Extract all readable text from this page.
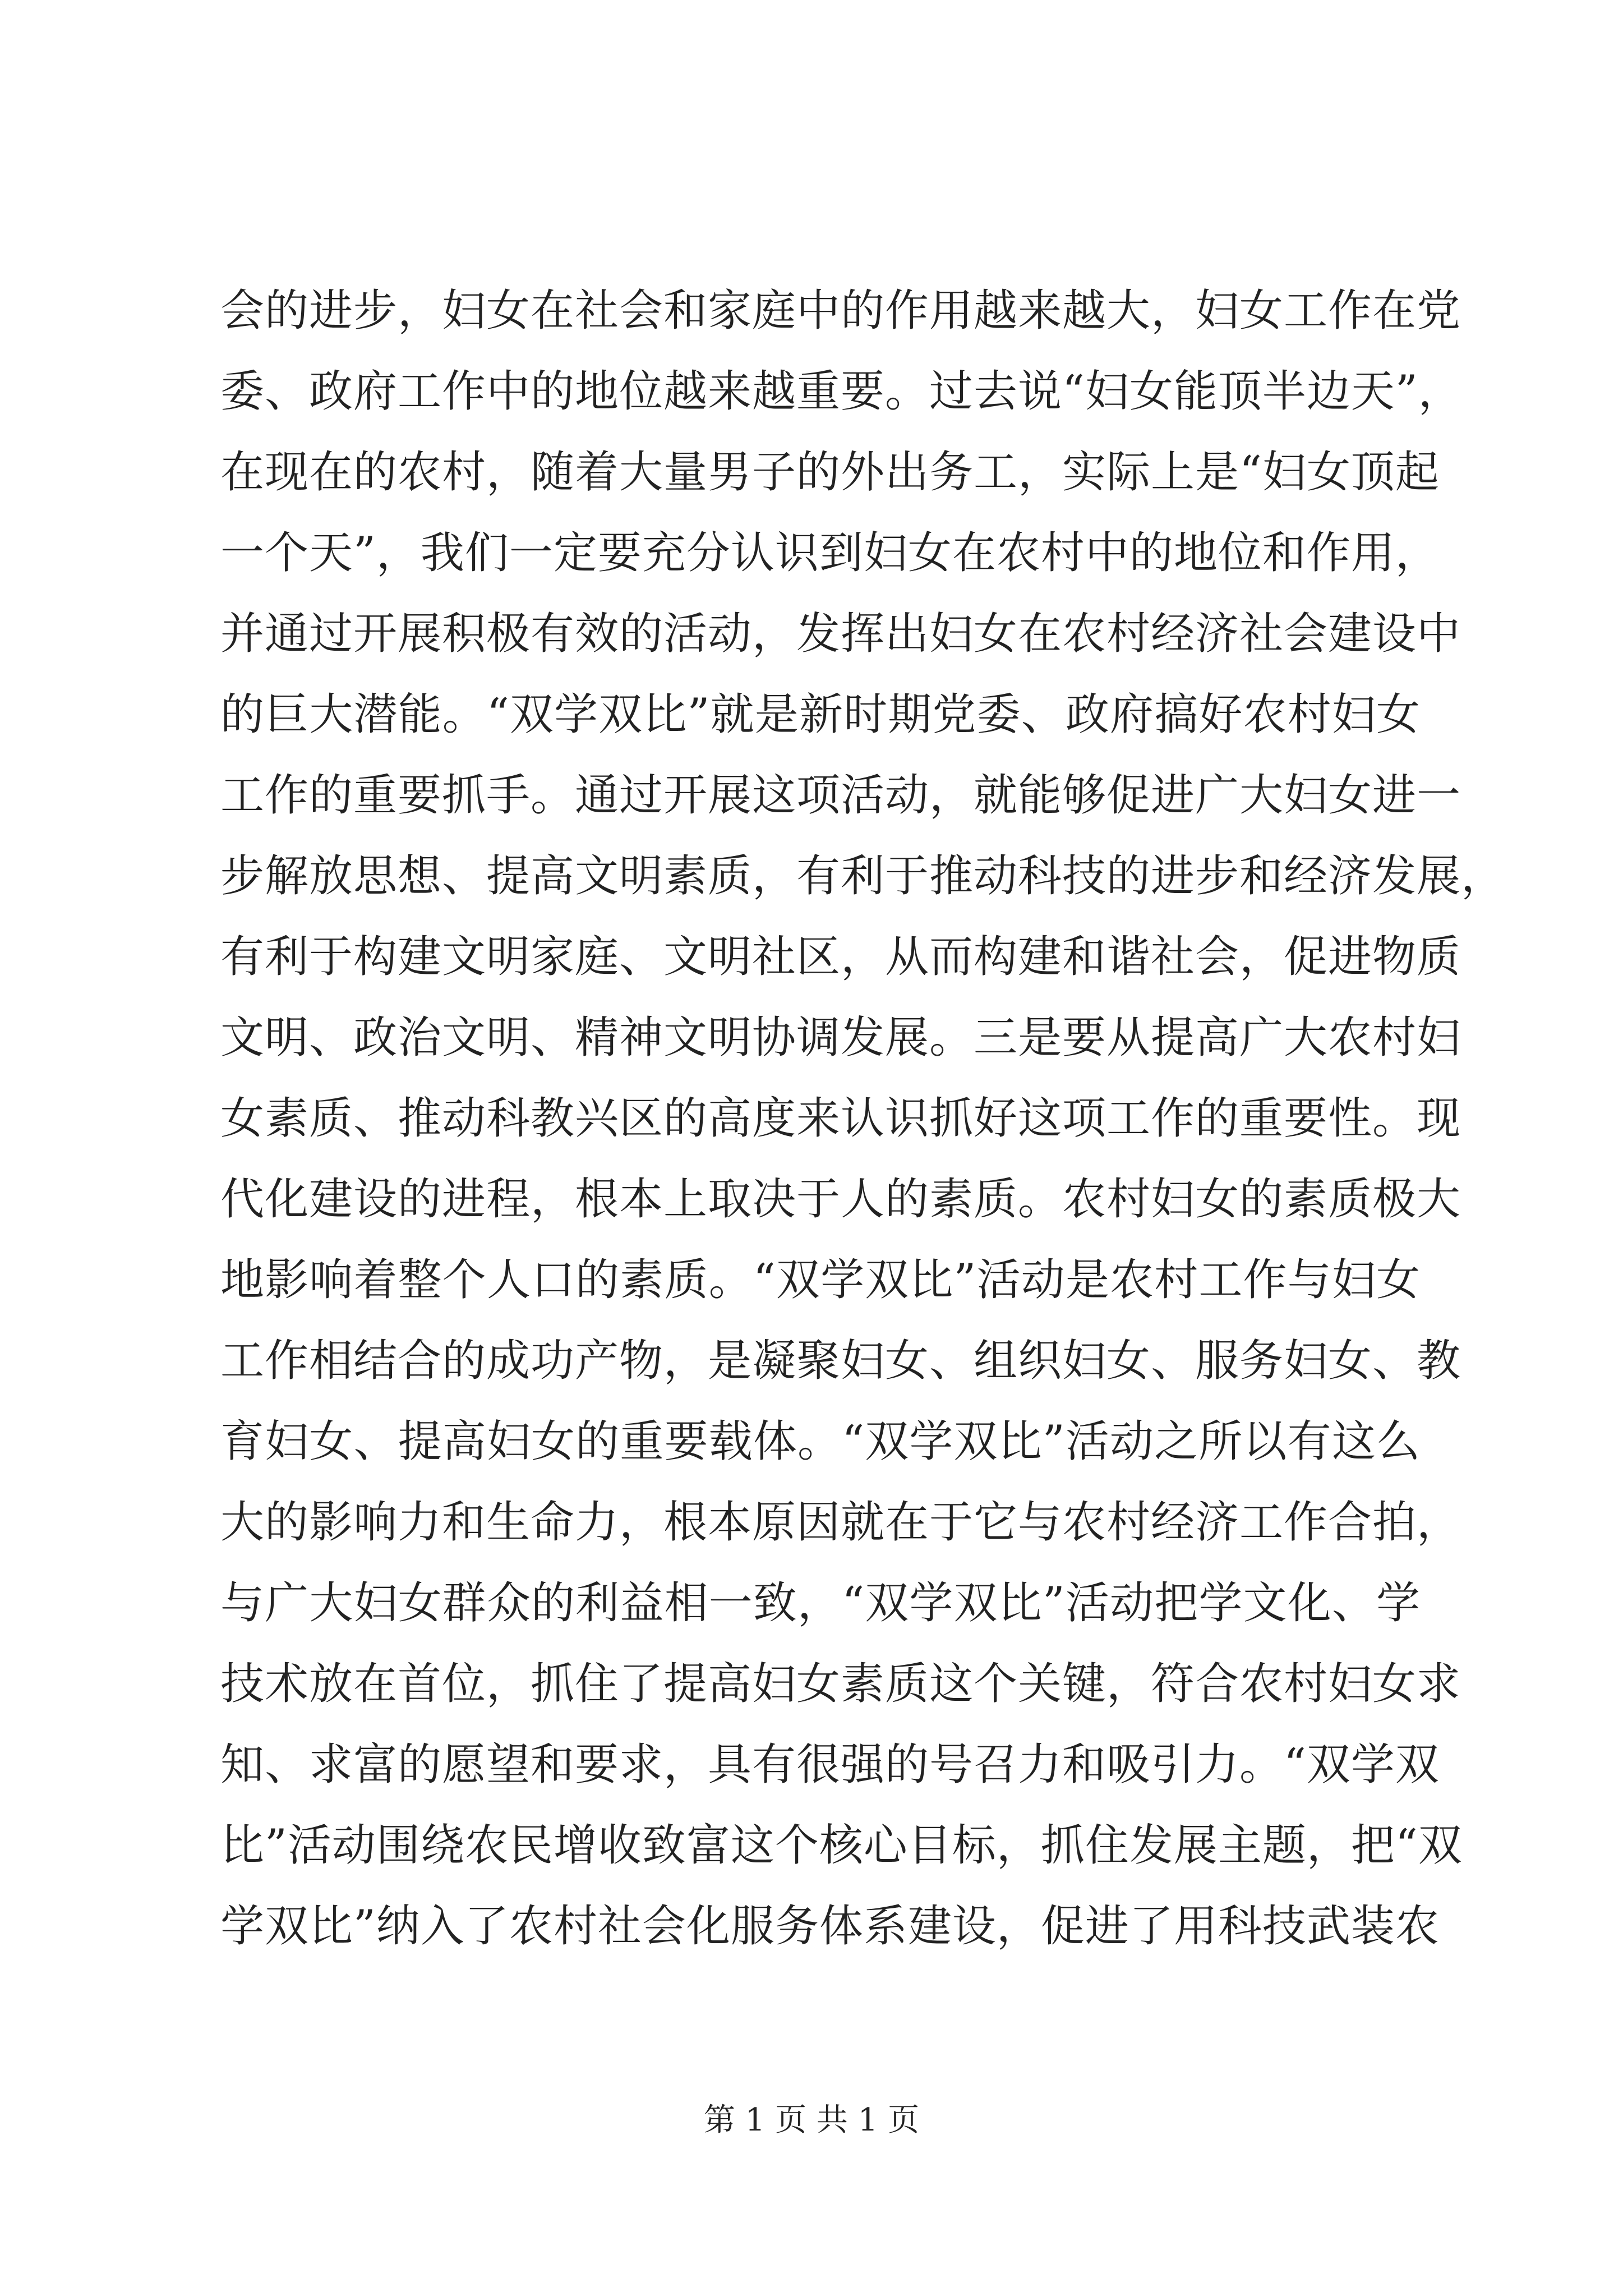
会的进步，妇女在社会和家庭中的作用越来越大，妇女工作在党
委、政府工作中的地位越来越重要。过去说“妇女能顶半边天”，
在现在的农村，随着大量男子的外出务工，实际上是“妇女顶起
一个天”，我们一定要充分认识到妇女在农村中的地位和作用，
并通过开展积极有效的活动，发挥出妇女在农村经济社会建设中
的巨大潜能。“双学双比”就是新时期党委、政府搞好农村妇女
工作的重要抓手。通过开展这项活动，就能够促进广大妇女进一
步解放思想、提高文明素质，有利于推动科技的进步和经济发展，
有利于构建文明家庭、文明社区，从而构建和谐社会，促进物质
文明、政治文明、精神文明协调发展。三是要从提高广大农村妇
女素质、推动科教兴区的高度来认识抓好这项工作的重要性。现
代化建设的进程，根本上取决于人的素质。农村妇女的素质极大
地影响着整个人口的素质。“双学双比”活动是农村工作与妇女
工作相结合的成功产物，是凝聚妇女、组织妇女、服务妇女、教
育妇女、提高妇女的重要载体。“双学双比”活动之所以有这么
大的影响力和生命力，根本原因就在于它与农村经济工作合拍，
与广大妇女群众的利益相一致，“双学双比”活动把学文化、学
技术放在首位，抓住了提高妇女素质这个关键，符合农村妇女求
知、求富的愿望和要求，具有很强的号召力和吸引力。“双学双
比”活动围绕农民增收致富这个核心目标，抓住发展主题，把“双
学双比”纳入了农村社会化服务体系建设，促进了用科技武装农
第 1 页 共 1 页
